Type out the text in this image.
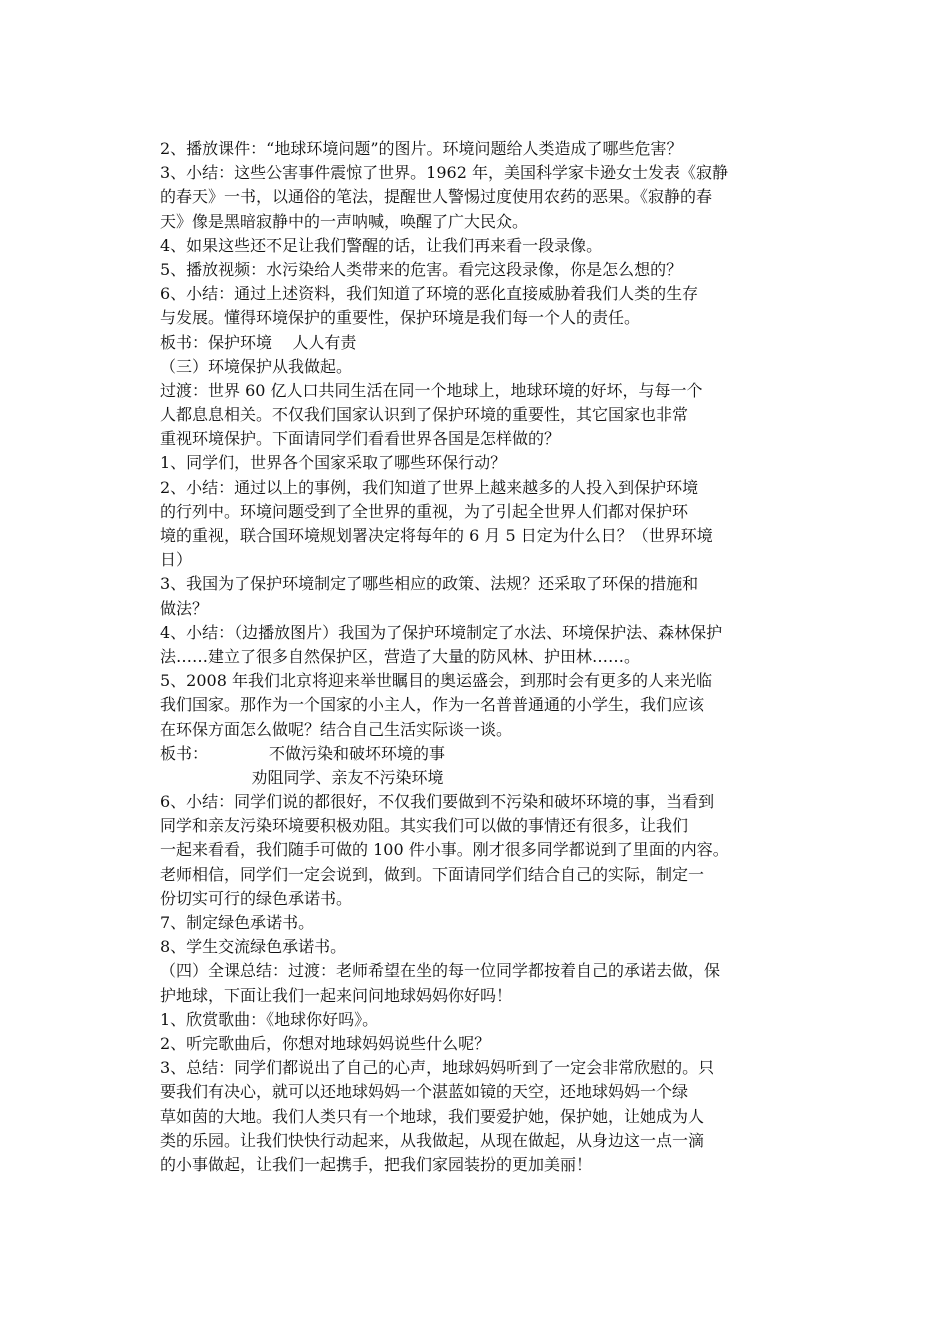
2、播放课件：“地球环境问题”的图片。环境问题给人类造成了哪些危害？
3、小结：这些公害事件震惊了世界。1962 年，美国科学家卡逊女士发表《寂静
的春天》一书，以通俗的笔法，提醒世人警惕过度使用农药的恶果。《寂静的春
天》像是黑暗寂静中的一声呐喊，唤醒了广大民众。
4、如果这些还不足让我们警醒的话，让我们再来看一段录像。
5、播放视频：水污染给人类带来的危害。看完这段录像，你是怎么想的？
6、小结：通过上述资料，我们知道了环境的恶化直接威胁着我们人类的生存
与发展。懂得环境保护的重要性，保护环境是我们每一个人的责任。
板书：保护环境    人人有责
（三）环境保护从我做起。
过渡：世界 60 亿人口共同生活在同一个地球上，地球环境的好坏，与每一个
人都息息相关。不仅我们国家认识到了保护环境的重要性，其它国家也非常
重视环境保护。下面请同学们看看世界各国是怎样做的？
1、同学们，世界各个国家采取了哪些环保行动？
2、小结：通过以上的事例，我们知道了世界上越来越多的人投入到保护环境
的行列中。环境问题受到了全世界的重视，为了引起全世界人们都对保护环
境的重视，联合国环境规划署决定将每年的 6 月 5 日定为什么日？（世界环境
日）
3、我国为了保护环境制定了哪些相应的政策、法规？还采取了环保的措施和
做法？
4、小结：（边播放图片）我国为了保护环境制定了水法、环境保护法、森林保护
法……建立了很多自然保护区，营造了大量的防风林、护田林……。
5、2008 年我们北京将迎来举世瞩目的奥运盛会，到那时会有更多的人来光临
我们国家。那作为一个国家的小主人，作为一名普普通通的小学生，我们应该
在环保方面怎么做呢？结合自己生活实际谈一谈。
板书：            不做污染和破坏环境的事
劝阻同学、亲友不污染环境
6、小结：同学们说的都很好，不仅我们要做到不污染和破坏环境的事，当看到
同学和亲友污染环境要积极劝阻。其实我们可以做的事情还有很多，让我们
一起来看看，我们随手可做的 100 件小事。刚才很多同学都说到了里面的内容。
老师相信，同学们一定会说到，做到。下面请同学们结合自己的实际，制定一
份切实可行的绿色承诺书。
7、制定绿色承诺书。
8、学生交流绿色承诺书。
（四）全课总结：过渡：老师希望在坐的每一位同学都按着自己的承诺去做，保
护地球，下面让我们一起来问问地球妈妈你好吗！
1、欣赏歌曲：《地球你好吗》。
2、听完歌曲后，你想对地球妈妈说些什么呢？
3、总结：同学们都说出了自己的心声，地球妈妈听到了一定会非常欣慰的。只
要我们有决心，就可以还地球妈妈一个湛蓝如镜的天空，还地球妈妈一个绿
草如茵的大地。我们人类只有一个地球，我们要爱护她，保护她，让她成为人
类的乐园。让我们快快行动起来，从我做起，从现在做起，从身边这一点一滴
的小事做起，让我们一起携手，把我们家园装扮的更加美丽！
